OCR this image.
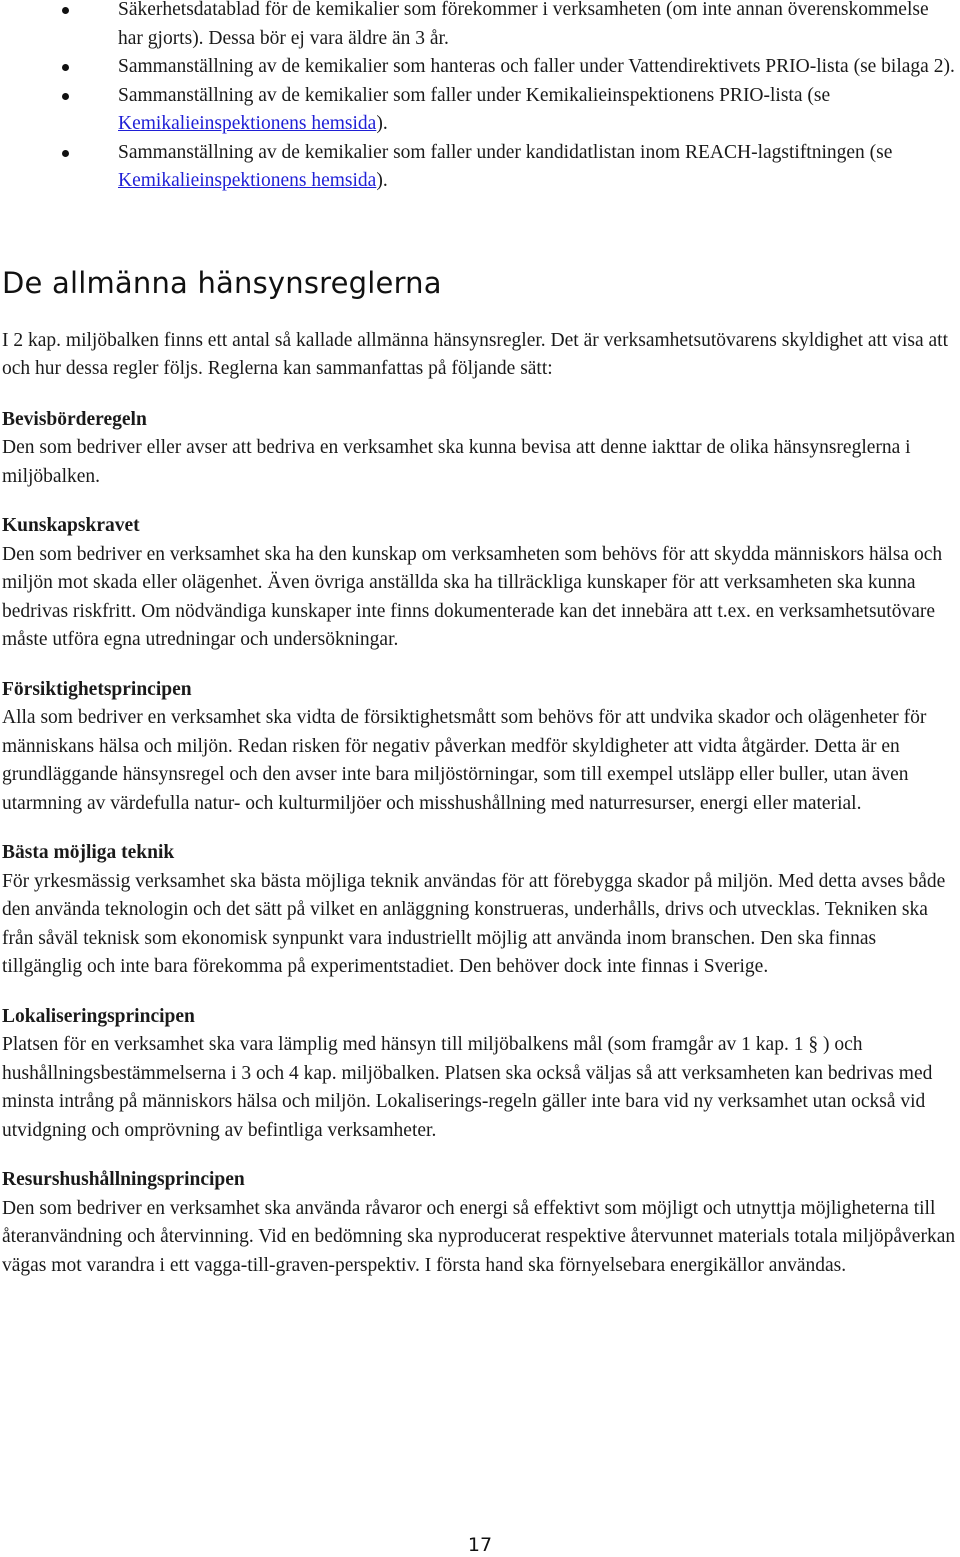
Säkerhetsdatablad för de kemikalier som förekommer i verksamheten (om inte annan överenskommelse har gjorts). Dessa bör ej vara äldre än 3 år.
Sammanställning av de kemikalier som hanteras och faller under Vattendirektivets PRIO-lista (se bilaga 2).
Sammanställning av de kemikalier som faller under Kemikalieinspektionens PRIO-lista (se Kemikalieinspektionens hemsida).
Sammanställning av de kemikalier som faller under kandidatlistan inom REACH-lagstiftningen (se Kemikalieinspektionens hemsida).
De allmänna hänsynsreglerna

I 2 kap. miljöbalken finns ett antal så kallade allmänna hänsynsregler. Det är verksamhetsutövarens skyldighet att visa att och hur dessa regler följs. Reglerna kan sammanfattas på följande sätt:

Bevisbörderegeln

Den som bedriver eller avser att bedriva en verksamhet ska kunna bevisa att denne iakttar de olika hänsynsreglerna i miljöbalken.

Kunskapskravet

Den som bedriver en verksamhet ska ha den kunskap om verksamheten som behövs för att skydda människors hälsa och miljön mot skada eller olägenhet. Även övriga anställda ska ha tillräckliga kunskaper för att verksamheten ska kunna bedrivas riskfritt. Om nödvändiga kunskaper inte finns dokumenterade kan det innebära att t.ex. en verksamhetsutövare måste utföra egna utredningar och undersökningar.

Försiktighetsprincipen

Alla som bedriver en verksamhet ska vidta de försiktighetsmått som behövs för att undvika skador och olägenheter för människans hälsa och miljön. Redan risken för negativ påverkan medför skyldigheter att vidta åtgärder. Detta är en grundläggande hänsynsregel och den avser inte bara miljöstörningar, som till exempel utsläpp eller buller, utan även utarmning av värdefulla natur- och kulturmiljöer och misshushållning med naturresurser, energi eller material.

Bästa möjliga teknik

För yrkesmässig verksamhet ska bästa möjliga teknik användas för att förebygga skador på miljön. Med detta avses både den använda teknologin och det sätt på vilket en anläggning konstrueras, underhålls, drivs och utvecklas. Tekniken ska från såväl teknisk som ekonomisk synpunkt vara industriellt möjlig att använda inom branschen. Den ska finnas tillgänglig och inte bara förekomma på experimentstadiet. Den behöver dock inte finnas i Sverige.

Lokaliseringsprincipen

Platsen för en verksamhet ska vara lämplig med hänsyn till miljöbalkens mål (som framgår av 1 kap. 1 § ) och hushållningsbestämmelserna i 3 och 4 kap. miljöbalken. Platsen ska också väljas så att verksamheten kan bedrivas med minsta intrång på människors hälsa och miljön. Lokaliserings-regeln gäller inte bara vid ny verksamhet utan också vid utvidgning och omprövning av befintliga verksamheter.

Resurshushållningsprincipen

Den som bedriver en verksamhet ska använda råvaror och energi så effektivt som möjligt och utnyttja möjligheterna till återanvändning och återvinning. Vid en bedömning ska nyproducerat respektive återvunnet materials totala miljöpåverkan vägas mot varandra i ett vagga-till-graven-perspektiv. I första hand ska förnyelsebara energikällor användas.

17
